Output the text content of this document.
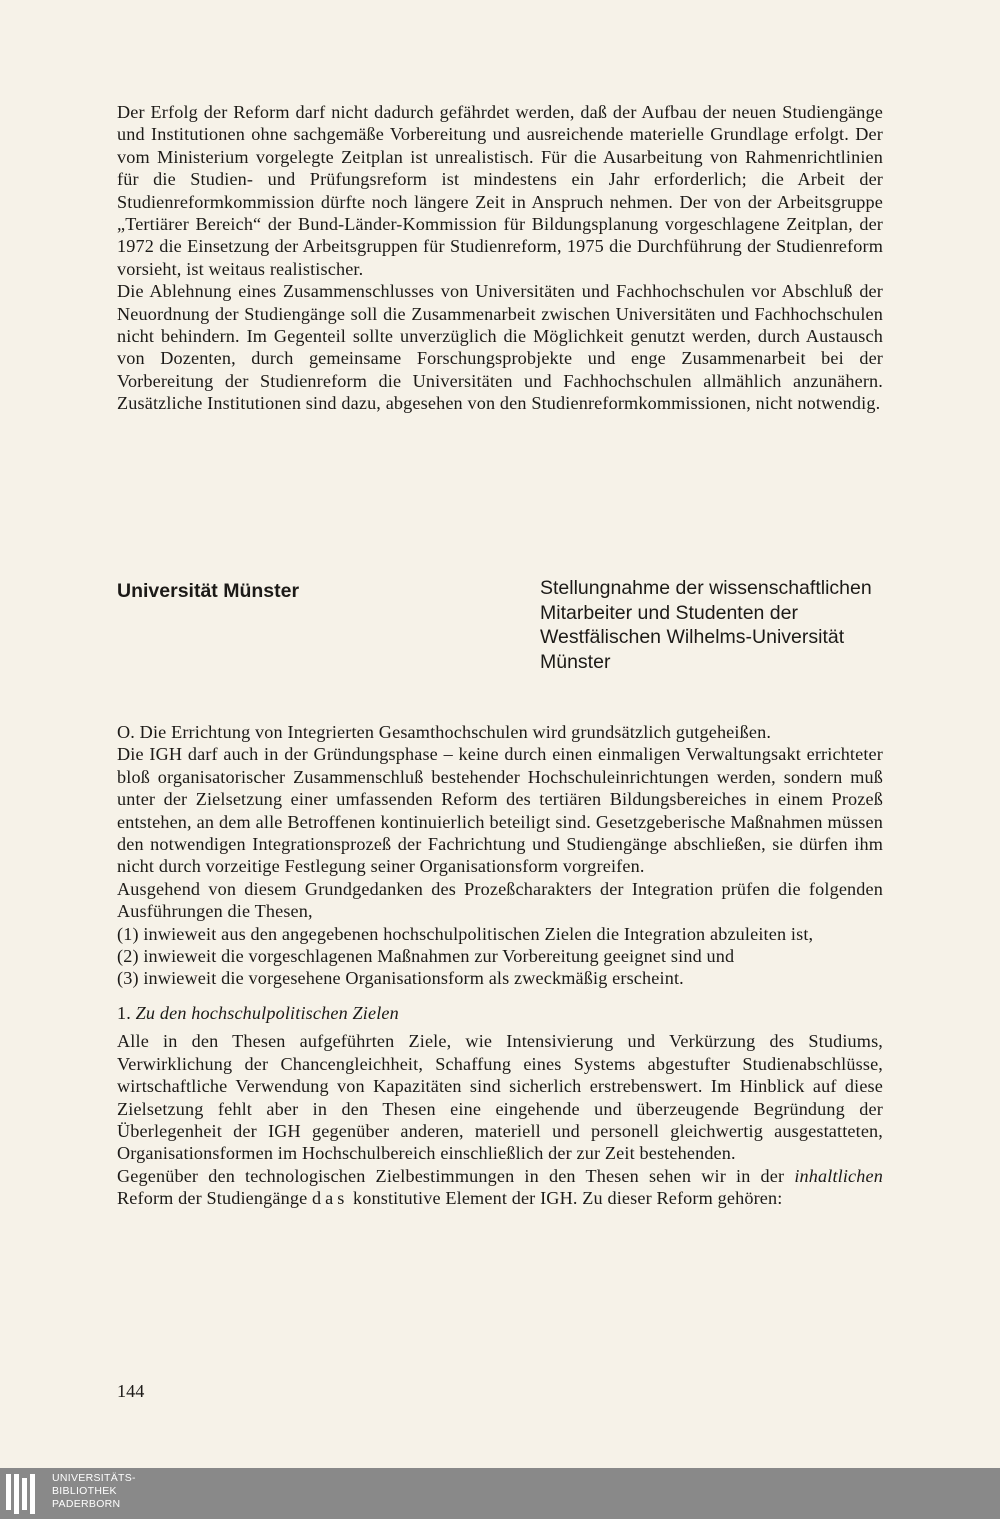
Der Erfolg der Reform darf nicht dadurch gefährdet werden, daß der Aufbau der neuen Studiengänge und Institutionen ohne sachgemäße Vorbereitung und ausreichende materielle Grundlage erfolgt. Der vom Ministerium vorgelegte Zeitplan ist unrealistisch. Für die Ausarbeitung von Rahmenrichtlinien für die Studien- und Prüfungsreform ist mindestens ein Jahr erforderlich; die Arbeit der Studienreformkommission dürfte noch längere Zeit in Anspruch nehmen. Der von der Arbeitsgruppe „Tertiärer Bereich“ der Bund-Länder-Kommission für Bildungsplanung vorgeschlagene Zeitplan, der 1972 die Einsetzung der Arbeitsgruppen für Studienreform, 1975 die Durchführung der Studienreform vorsieht, ist weitaus realistischer.

Die Ablehnung eines Zusammenschlusses von Universitäten und Fachhochschulen vor Abschluß der Neuordnung der Studiengänge soll die Zusammenarbeit zwischen Universitäten und Fachhochschulen nicht behindern. Im Gegenteil sollte unverzüglich die Möglichkeit genutzt werden, durch Austausch von Dozenten, durch gemeinsame Forschungsprobjekte und enge Zusammenarbeit bei der Vorbereitung der Studienreform die Universitäten und Fachhochschulen allmählich anzunähern. Zusätzliche Institutionen sind dazu, abgesehen von den Studienreformkommissionen, nicht notwendig.

Universität Münster	Stellungnahme der wissenschaftlichen Mitarbeiter und Studenten der Westfälischen Wilhelms-Universität Münster

O. Die Errichtung von Integrierten Gesamthochschulen wird grundsätzlich gutgeheißen.

Die IGH darf auch in der Gründungsphase – keine durch einen einmaligen Verwaltungsakt errichteter bloß organisatorischer Zusammenschluß bestehender Hochschuleinrichtungen werden, sondern muß unter der Zielsetzung einer umfassenden Reform des tertiären Bildungsbereiches in einem Prozeß entstehen, an dem alle Betroffenen kontinuierlich beteiligt sind. Gesetzgeberische Maßnahmen müssen den notwendigen Integrationsprozeß der Fachrichtung und Studiengänge abschließen, sie dürfen ihm nicht durch vorzeitige Festlegung seiner Organisationsform vorgreifen.

Ausgehend von diesem Grundgedanken des Prozeßcharakters der Integration prüfen die folgenden Ausführungen die Thesen,

(1) inwieweit aus den angegebenen hochschulpolitischen Zielen die Integration abzuleiten ist,

(2) inwieweit die vorgeschlagenen Maßnahmen zur Vorbereitung geeignet sind und

(3) inwieweit die vorgesehene Organisationsform als zweckmäßig erscheint.

1. Zu den hochschulpolitischen Zielen

Alle in den Thesen aufgeführten Ziele, wie Intensivierung und Verkürzung des Studiums, Verwirklichung der Chancengleichheit, Schaffung eines Systems abgestufter Studienabschlüsse, wirtschaftliche Verwendung von Kapazitäten sind sicherlich erstrebenswert. Im Hinblick auf diese Zielsetzung fehlt aber in den Thesen eine eingehende und überzeugende Begründung der Überlegenheit der IGH gegenüber anderen, materiell und personell gleichwertig ausgestatteten, Organisationsformen im Hochschulbereich einschließlich der zur Zeit bestehenden.

Gegenüber den technologischen Zielbestimmungen in den Thesen sehen wir in der inhaltlichen Reform der Studiengänge das konstitutive Element der IGH. Zu dieser Reform gehören:

144
UNIVERSITÄTS-
BIBLIOTHEK
PADERBORN
